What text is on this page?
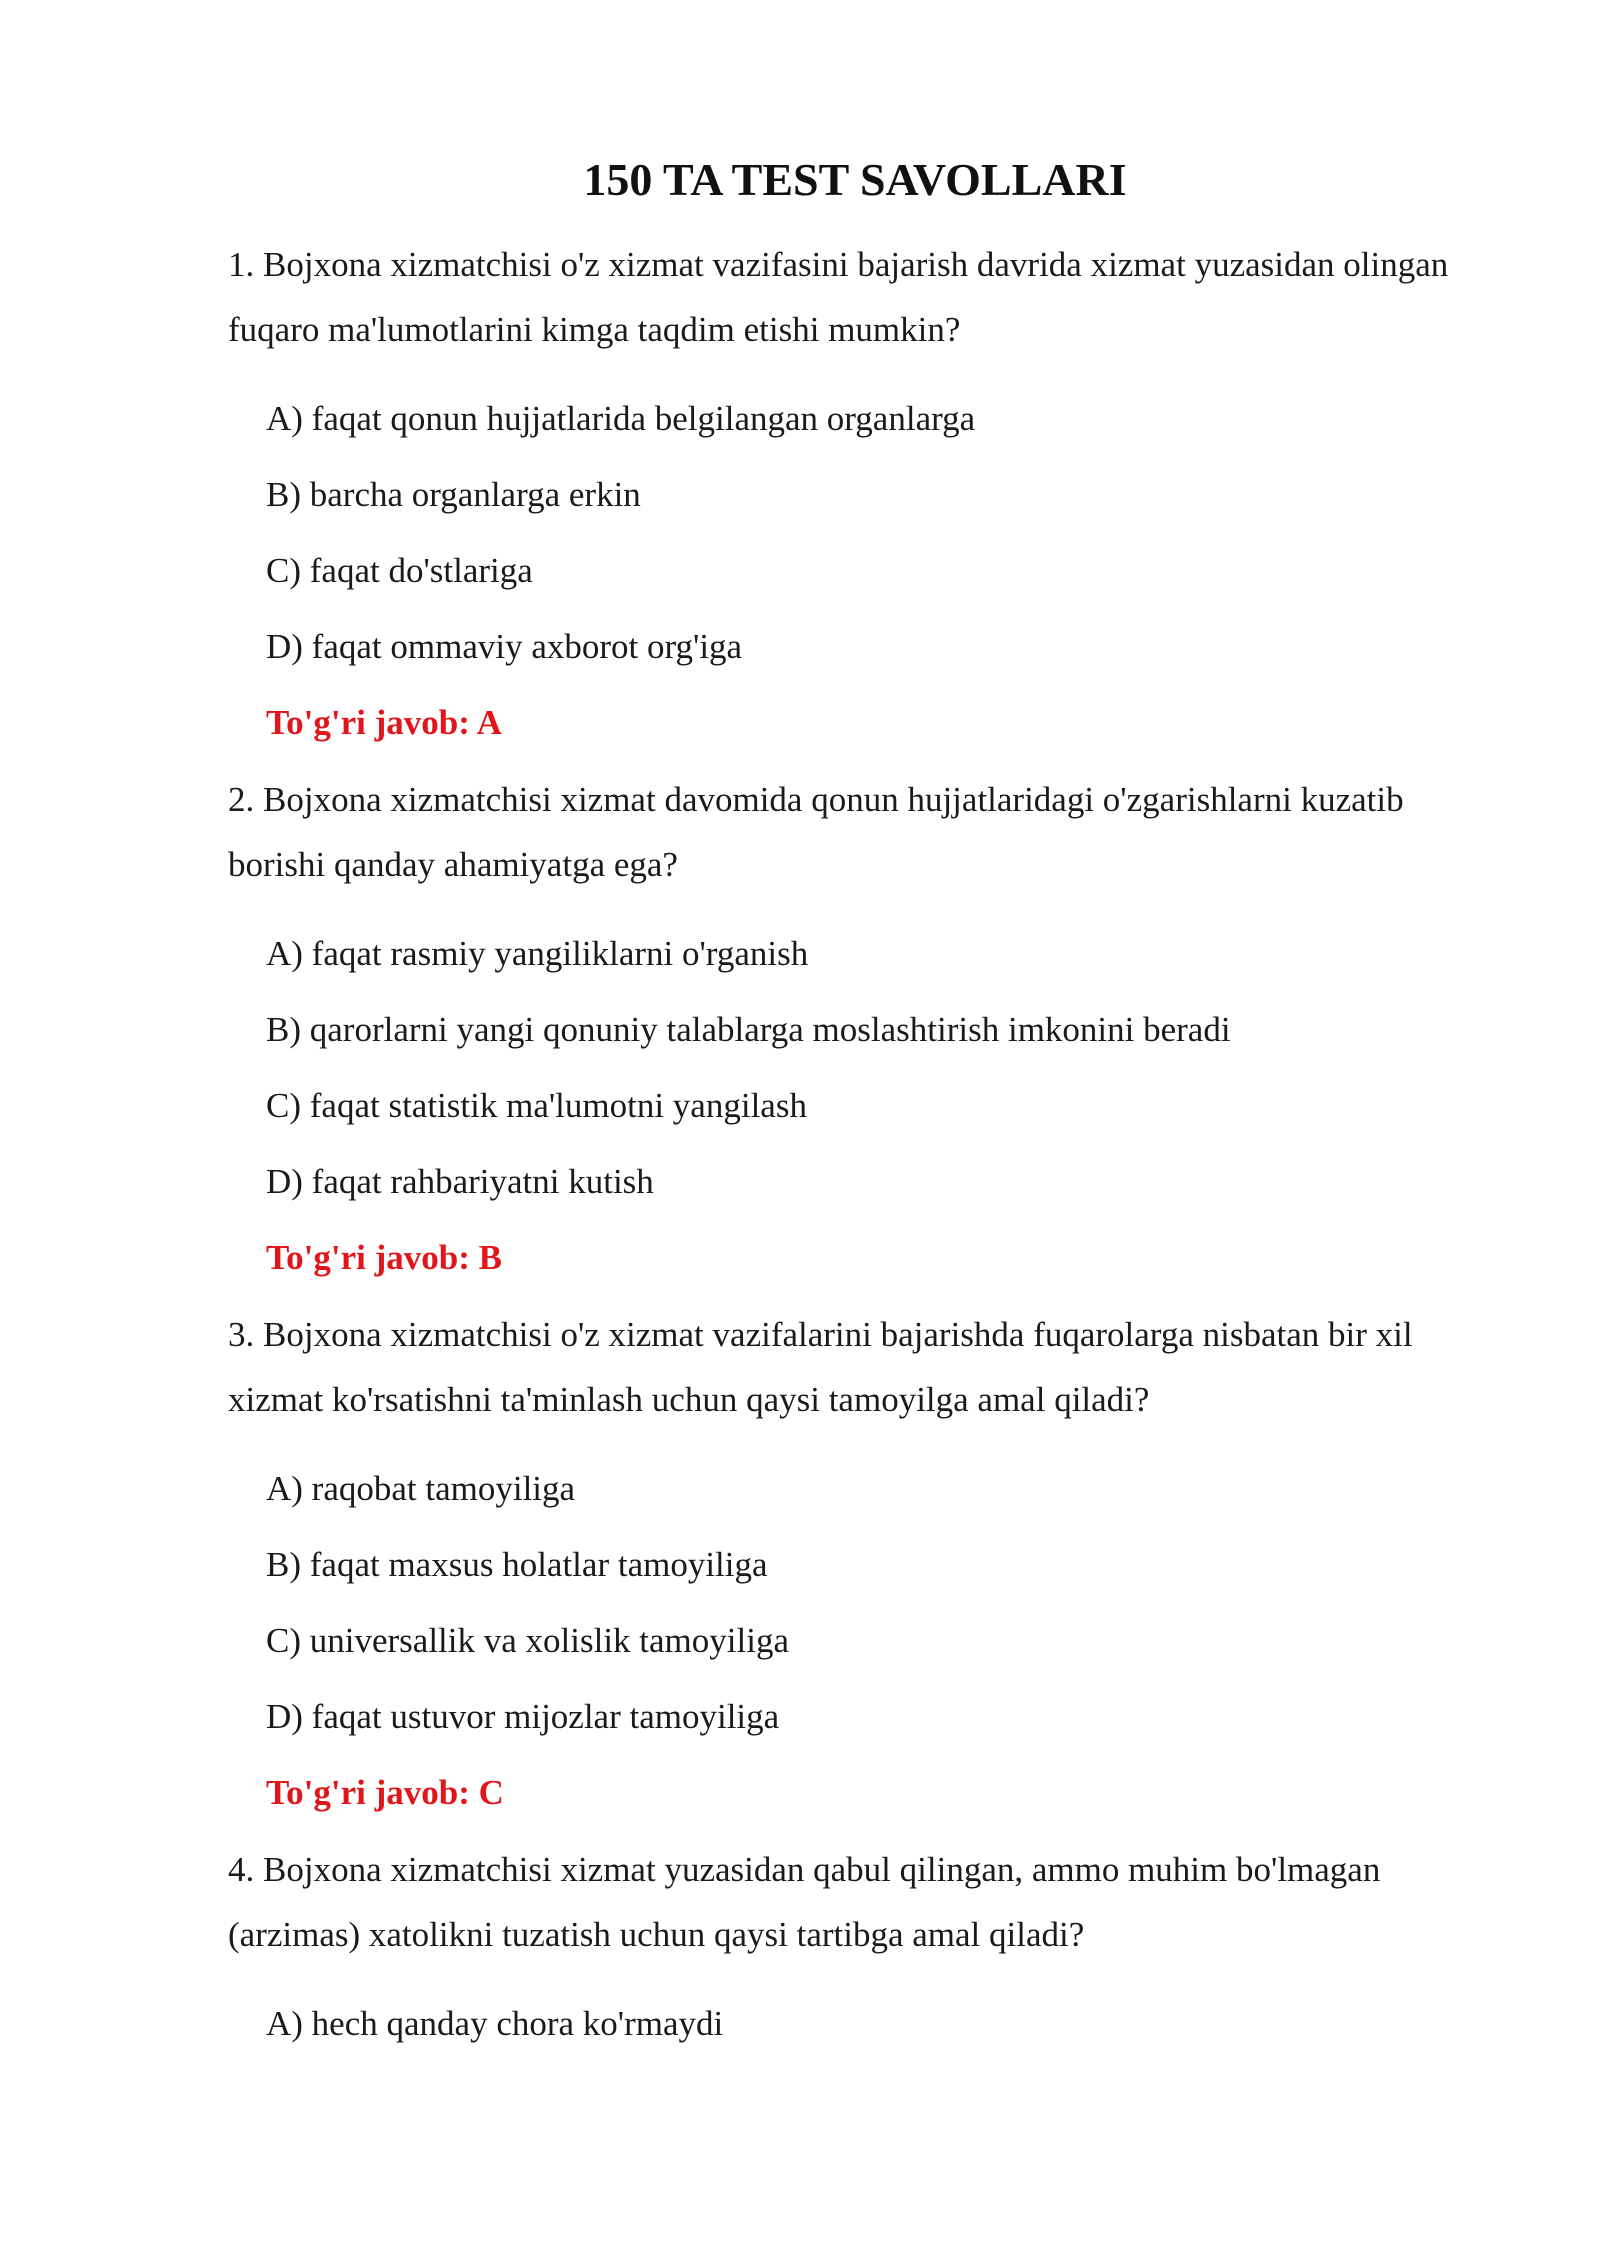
150 TA TEST SAVOLLARI

1. Bojxona xizmatchisi o'z xizmat vazifasini bajarish davrida xizmat yuzasidan olingan fuqaro ma'lumotlarini kimga taqdim etishi mumkin?

A) faqat qonun hujjatlarida belgilangan organlarga

B) barcha organlarga erkin

C) faqat do'stlariga

D) faqat ommaviy axborot org'iga

To'g'ri javob: A

2. Bojxona xizmatchisi xizmat davomida qonun hujjatlaridagi o'zgarishlarni kuzatib borishi qanday ahamiyatga ega?

A) faqat rasmiy yangiliklarni o'rganish

B) qarorlarni yangi qonuniy talablarga moslashtirish imkonini beradi

C) faqat statistik ma'lumotni yangilash

D) faqat rahbariyatni kutish

To'g'ri javob: B

3. Bojxona xizmatchisi o'z xizmat vazifalarini bajarishda fuqarolarga nisbatan bir xil xizmat ko'rsatishni ta'minlash uchun qaysi tamoyilga amal qiladi?

A) raqobat tamoyiliga

B) faqat maxsus holatlar tamoyiliga

C) universallik va xolislik tamoyiliga

D) faqat ustuvor mijozlar tamoyiliga

To'g'ri javob: C

4. Bojxona xizmatchisi xizmat yuzasidan qabul qilingan, ammo muhim bo'lmagan (arzimas) xatolikni tuzatish uchun qaysi tartibga amal qiladi?

A) hech qanday chora ko'rmaydi
